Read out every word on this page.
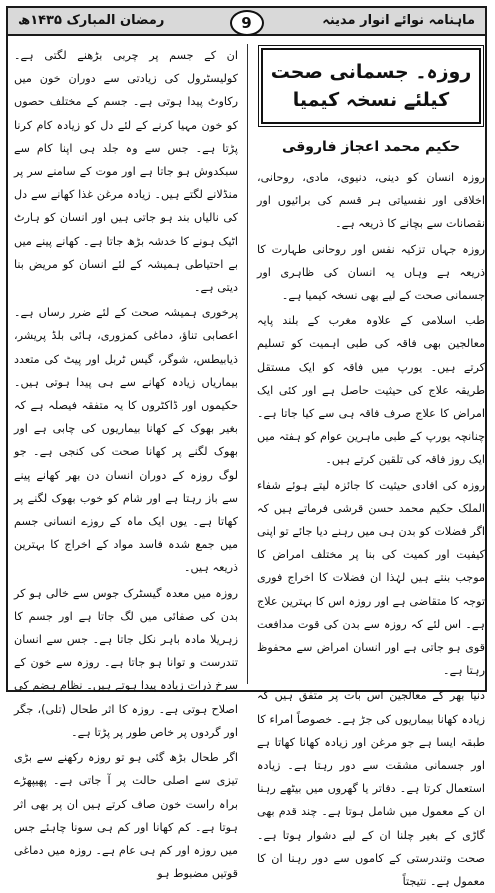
رمضان المبارک ۱۴۳۵ھ	9	ماہنامہ نوائے انوار مدینہ
روزہ۔ جسمانی صحت کیلئے نسخہ کیمیا
حکیم محمد اعجاز فاروقی

روزہ انسان کو دینی، دنیوی، مادی، روحانی، اخلاقی اور نفسیاتی ہر قسم کی برائیوں اور نقصانات سے بچانے کا ذریعہ ہے۔

روزہ جہاں تزکیہ نفس اور روحانی طہارت کا ذریعہ ہے وہاں یہ انسان کی ظاہری اور جسمانی صحت کے لیے بھی نسخہ کیمیا ہے۔

طب اسلامی کے علاوہ مغرب کے بلند پایہ معالجین بھی فاقہ کی طبی اہمیت کو تسلیم کرتے ہیں۔ یورپ میں فاقہ کو ایک مستقل طریقہ علاج کی حیثیت حاصل ہے اور کئی ایک امراض کا علاج صرف فاقہ ہی سے کیا جاتا ہے۔ چنانچہ یورپ کے طبی ماہرین عوام کو ہفتہ میں ایک روز فاقہ کی تلقین کرتے ہیں۔

روزہ کی افادی حیثیت کا جائزہ لیتے ہوئے شفاء الملک حکیم محمد حسن قرشی فرماتے ہیں کہ اگر فضلات کو بدن ہی میں رہنے دیا جائے تو اپنی کیفیت اور کمیت کی بنا پر مختلف امراض کا موجب بنتے ہیں لہٰذا ان فضلات کا اخراج فوری توجہ کا متقاضی ہے اور روزہ اس کا بہترین علاج ہے۔ اس لئے کہ روزہ سے بدن کی قوت مدافعت قوی ہو جاتی ہے اور انسان امراض سے محفوظ رہتا ہے۔

دنیا بھر کے معالجین اس بات پر متفق ہیں کہ زیادہ کھانا بیماریوں کی جڑ ہے۔ خصوصاً امراء کا طبقہ ایسا ہے جو مرغن اور زیادہ کھانا کھاتا ہے اور جسمانی مشقت سے دور رہتا ہے۔ زیادہ استعمال کرتا ہے۔ دفاتر یا گھروں میں بیٹھے رہنا ان کے معمول میں شامل ہوتا ہے۔ چند قدم بھی گاڑی کے بغیر چلنا ان کے لیے دشوار ہوتا ہے۔ صحت وتندرستی کے کاموں سے دور رہنا ان کا معمول ہے۔ نتیجتاً

ان کے جسم پر چربی بڑھنے لگتی ہے۔ کولیسٹرول کی زیادتی سے دوران خون میں رکاوٹ پیدا ہوتی ہے۔ جسم کے مختلف حصوں کو خون مہیا کرنے کے لئے دل کو زیادہ کام کرنا پڑتا ہے۔ جس سے وہ جلد ہی اپنا کام سے سبکدوش ہو جاتا ہے اور موت کے سامنے سر پر منڈلانے لگتے ہیں۔ زیادہ مرغن غذا کھانے سے دل کی نالیاں بند ہو جاتی ہیں اور انسان کو ہارٹ اٹیک ہونے کا خدشہ بڑھ جاتا ہے۔ کھانے پینے میں بے احتیاطی ہمیشہ کے لئے انسان کو مریض بنا دیتی ہے۔

پرخوری ہمیشہ صحت کے لئے ضرر رساں ہے۔ اعصابی تناؤ، دماغی کمزوری، ہائی بلڈ پریشر، ذیابیطس، شوگر، گیس ٹربل اور پیٹ کی متعدد بیماریاں زیادہ کھانے سے ہی پیدا ہوتی ہیں۔ حکیموں اور ڈاکٹروں کا یہ متفقہ فیصلہ ہے کہ بغیر بھوک کے کھانا بیماریوں کی چابی ہے اور بھوک لگنے پر کھانا صحت کی کنجی ہے۔ جو لوگ روزہ کے دوران انسان دن بھر کھانے پینے سے باز رہتا ہے اور شام کو خوب بھوک لگنے پر کھاتا ہے۔ یوں ایک ماہ کے روزے انسانی جسم میں جمع شدہ فاسد مواد کے اخراج کا بہترین ذریعہ ہیں۔

روزہ میں معدہ گیسٹرک جوس سے خالی ہو کر بدن کی صفائی میں لگ جاتا ہے اور جسم کا زہریلا مادہ باہر نکل جاتا ہے۔ جس سے انسان تندرست و توانا ہو جاتا ہے۔ روزہ سے خون کے سرخ ذرات زیادہ پیدا ہوتے ہیں۔ نظام ہضم کی اصلاح ہوتی ہے۔ روزہ کا اثر طحال (تلی)، جگر اور گردوں پر خاص طور پر پڑتا ہے۔

اگر طحال بڑھ گئی ہو تو روزہ رکھنے سے بڑی تیزی سے اصلی حالت پر آ جاتی ہے۔ پھیپھڑے براہ راست خون صاف کرتے ہیں ان پر بھی اثر ہوتا ہے۔ کم کھانا اور کم ہی سونا چاہئے جس میں روزہ اور کم ہی عام ہے۔ روزہ میں دماغی قوتیں مضبوط ہو
